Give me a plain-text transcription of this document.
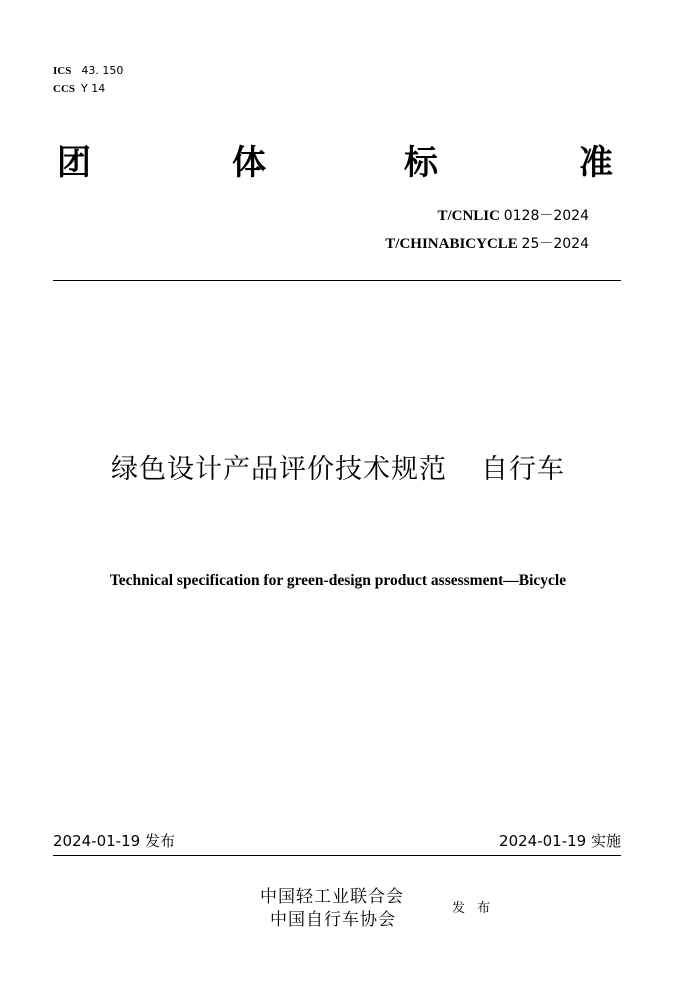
ICS 43. 150
CCS Y 14
团	体	标	准
T/CNLIC 0128－2024
T/CHINABICYCLE 25－2024
绿色设计产品评价技术规范 自行车
Technical specification for green-design product assessment—Bicycle
2024-01-19 发布	2024-01-19 实施
中国轻工业联合会
中国自行车协会
发 布
